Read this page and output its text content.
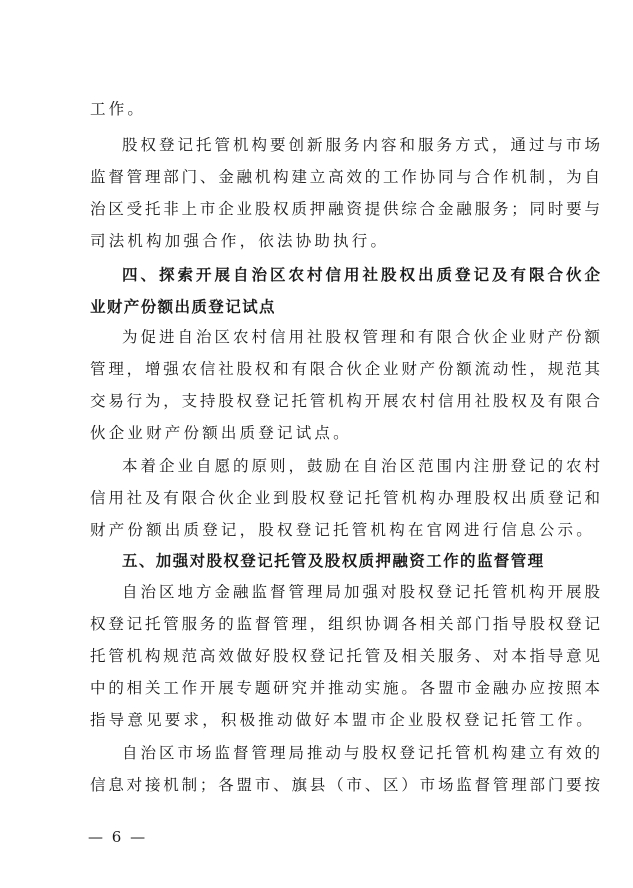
工作。
股权登记托管机构要创新服务内容和服务方式，通过与市场
监督管理部门、金融机构建立高效的工作协同与合作机制，为自
治区受托非上市企业股权质押融资提供综合金融服务；同时要与
司法机构加强合作，依法协助执行。
四、探索开展自治区农村信用社股权出质登记及有限合伙企
业财产份额出质登记试点
为促进自治区农村信用社股权管理和有限合伙企业财产份额
管理，增强农信社股权和有限合伙企业财产份额流动性，规范其
交易行为，支持股权登记托管机构开展农村信用社股权及有限合
伙企业财产份额出质登记试点。
本着企业自愿的原则，鼓励在自治区范围内注册登记的农村
信用社及有限合伙企业到股权登记托管机构办理股权出质登记和
财产份额出质登记，股权登记托管机构在官网进行信息公示。
五、加强对股权登记托管及股权质押融资工作的监督管理
自治区地方金融监督管理局加强对股权登记托管机构开展股
权登记托管服务的监督管理，组织协调各相关部门指导股权登记
托管机构规范高效做好股权登记托管及相关服务、对本指导意见
中的相关工作开展专题研究并推动实施。各盟市金融办应按照本
指导意见要求，积极推动做好本盟市企业股权登记托管工作。
自治区市场监督管理局推动与股权登记托管机构建立有效的
信息对接机制；各盟市、旗县（市、区）市场监督管理部门要按
— 6 —
